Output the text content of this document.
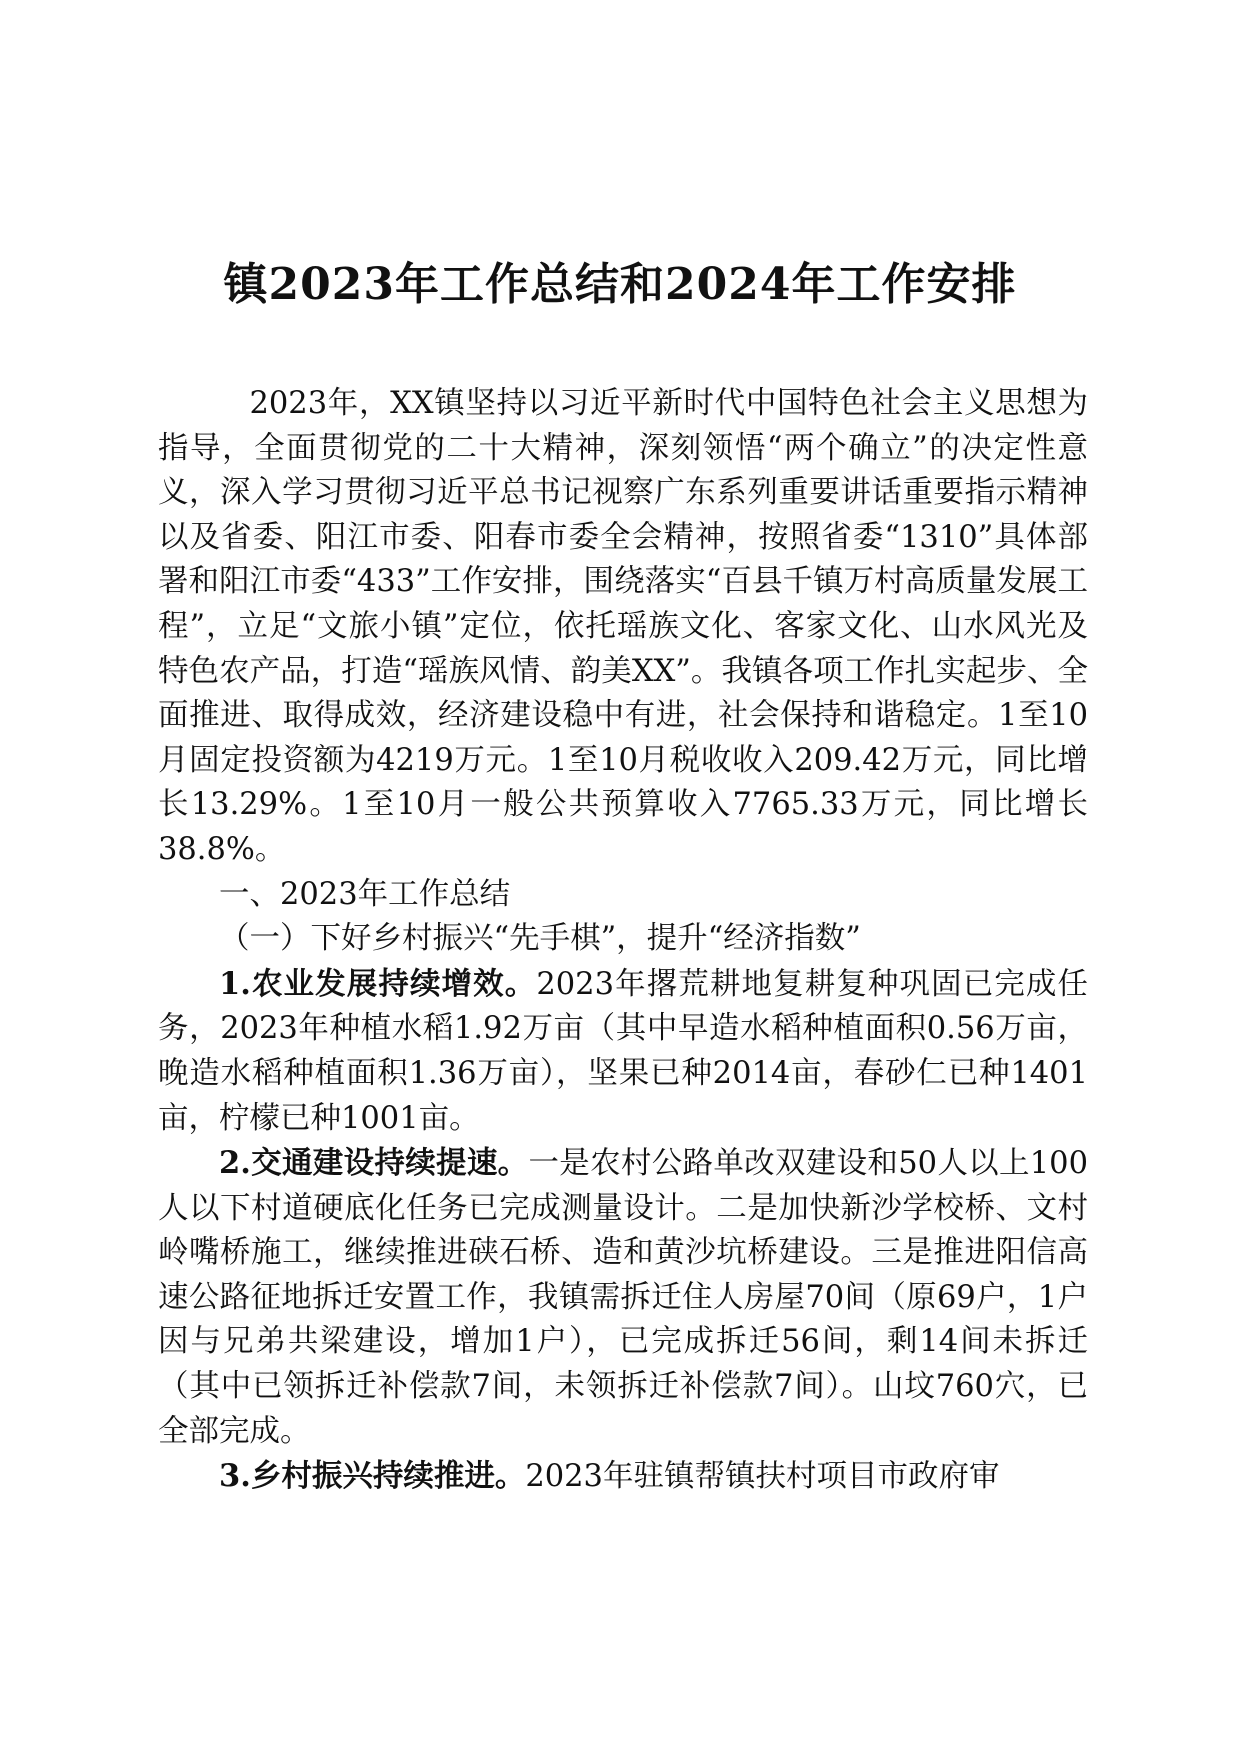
镇2023年工作总结和2024年工作安排

2023年，XX镇坚持以习近平新时代中国特色社会主义思想为指导，全面贯彻党的二十大精神，深刻领悟“两个确立”的决定性意义，深入学习贯彻习近平总书记视察广东系列重要讲话重要指示精神以及省委、阳江市委、阳春市委全会精神，按照省委“1310”具体部署和阳江市委“433”工作安排，围绕落实“百县千镇万村高质量发展工程”，立足“文旅小镇”定位，依托瑶族文化、客家文化、山水风光及特色农产品，打造“瑶族风情、韵美XX”。我镇各项工作扎实起步、全面推进、取得成效，经济建设稳中有进，社会保持和谐稳定。1至10月固定投资额为4219万元。1至10月税收收入209.42万元，同比增长13.29%。1至10月一般公共预算收入7765.33万元，同比增长38.8%。

一、2023年工作总结

（一）下好乡村振兴“先手棋”，提升“经济指数”

1.农业发展持续增效。2023年撂荒耕地复耕复种巩固已完成任务，2023年种植水稻1.92万亩（其中早造水稻种植面积0.56万亩，晚造水稻种植面积1.36万亩），坚果已种2014亩，春砂仁已种1401亩，柠檬已种1001亩。

2.交通建设持续提速。一是农村公路单改双建设和50人以上100人以下村道硬底化任务已完成测量设计。二是加快新沙学校桥、文村岭嘴桥施工，继续推进硖石桥、造和黄沙坑桥建设。三是推进阳信高速公路征地拆迁安置工作，我镇需拆迁住人房屋70间（原69户，1户因与兄弟共梁建设，增加1户），已完成拆迁56间，剩14间未拆迁（其中已领拆迁补偿款7间，未领拆迁补偿款7间）。山坟760穴，已全部完成。

3.乡村振兴持续推进。2023年驻镇帮镇扶村项目市政府审
